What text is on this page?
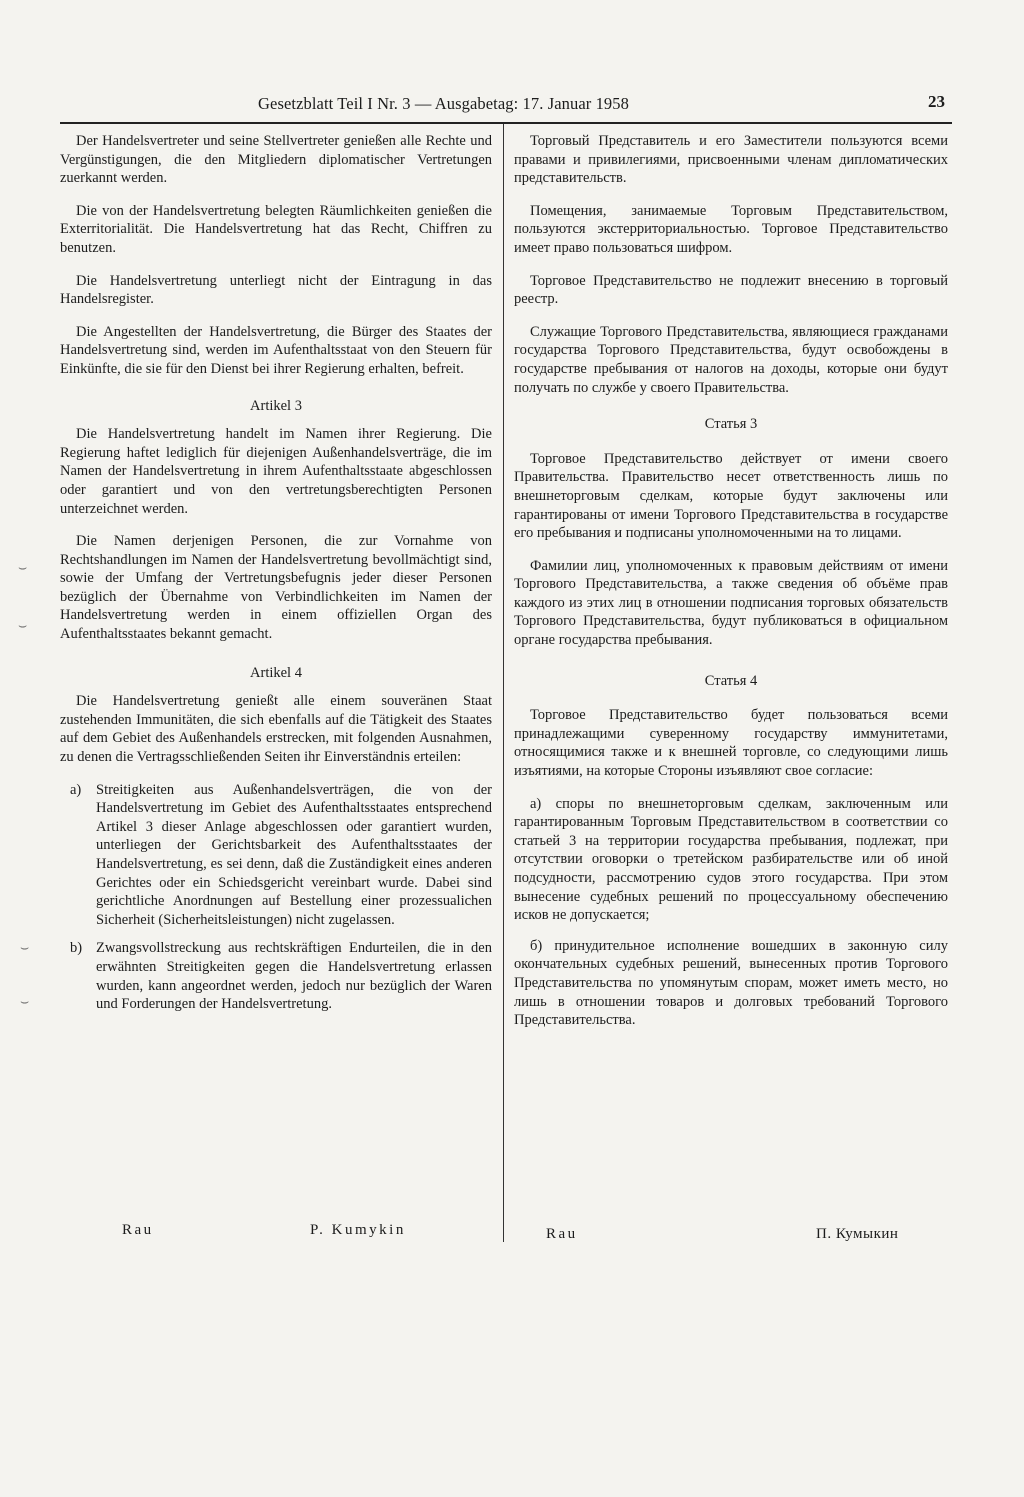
Gesetzblatt Teil I Nr. 3 — Ausgabetag: 17. Januar 1958	23
⌣
⌣
⌣
⌣

Der Handelsvertreter und seine Stellvertreter genießen alle Rechte und Vergünstigungen, die den Mitgliedern diplomatischer Vertretungen zuerkannt werden.

Die von der Handelsvertretung belegten Räumlichkeiten genießen die Exterritorialität. Die Handelsvertretung hat das Recht, Chiffren zu benutzen.

Die Handelsvertretung unterliegt nicht der Eintragung in das Handelsregister.

Die Angestellten der Handelsvertretung, die Bürger des Staates der Handelsvertretung sind, werden im Aufenthaltsstaat von den Steuern für Einkünfte, die sie für den Dienst bei ihrer Regierung erhalten, befreit.

Artikel 3

Die Handelsvertretung handelt im Namen ihrer Regierung. Die Regierung haftet lediglich für diejenigen Außenhandelsverträge, die im Namen der Handelsvertretung in ihrem Aufenthaltsstaate abgeschlossen oder garantiert und von den vertretungsberechtigten Personen unterzeichnet werden.

Die Namen derjenigen Personen, die zur Vornahme von Rechtshandlungen im Namen der Handelsvertretung bevollmächtigt sind, sowie der Umfang der Vertretungsbefugnis jeder dieser Personen bezüglich der Übernahme von Verbindlichkeiten im Namen der Handelsvertretung werden in einem offiziellen Organ des Aufenthaltsstaates bekannt gemacht.

Artikel 4

Die Handelsvertretung genießt alle einem souveränen Staat zustehenden Immunitäten, die sich ebenfalls auf die Tätigkeit des Staates auf dem Gebiet des Außenhandels erstrecken, mit folgenden Ausnahmen, zu denen die Vertragsschließenden Seiten ihr Einverständnis erteilen:

a)	Streitigkeiten aus Außenhandelsverträgen, die von der Handelsvertretung im Gebiet des Aufenthaltsstaates entsprechend Artikel 3 dieser Anlage abgeschlossen oder garantiert wurden, unterliegen der Gerichtsbarkeit des Aufenthaltsstaates der Handelsvertretung, es sei denn, daß die Zuständigkeit eines anderen Gerichtes oder ein Schiedsgericht vereinbart wurde. Dabei sind gerichtliche Anordnungen auf Bestellung einer prozessualichen Sicherheit (Sicherheitsleistungen) nicht zugelassen.
b) Zwangsvollstreckung aus rechtskräftigen Endurteilen, die in den erwähnten Streitigkeiten gegen die Handelsvertretung erlassen wurden, kann angeordnet werden, jedoch nur bezüglich der Waren und Forderungen der Handelsvertretung.

Торговый Представитель и его Заместители пользуются всеми правами и привилегиями, присвоенными членам дипломатических представительств.

Помещения, занимаемые Торговым Представительством, пользуются экстерриториальностью. Торговое Представительство имеет право пользоваться шифром.

Торговое Представительство не подлежит внесению в торговый реестр.

Служащие Торгового Представительства, являющиеся гражданами государства Торгового Представительства, будут освобождены в государстве пребывания от налогов на доходы, которые они будут получать по службе у своего Правительства.

Статья 3

Торговое Представительство действует от имени своего Правительства. Правительство несет ответственность лишь по внешнеторговым сделкам, которые будут заключены или гарантированы от имени Торгового Представительства в государстве его пребывания и подписаны уполномоченными на то лицами.

Фамилии лиц, уполномоченных к правовым действиям от имени Торгового Представительства, а также сведения об объёме прав каждого из этих лиц в отношении подписания торговых обязательств Торгового Представительства, будут публиковаться в официальном органе государства пребывания.

Статья 4

Торговое Представительство будет пользоваться всеми принадлежащими суверенному государству иммунитетами, относящимися также и к внешней торговле, со следующими лишь изъятиями, на которые Стороны изъявляют свое согласие:

а) споры по внешнеторговым сделкам, заключенным или гарантированным Торговым Представительством в соответствии со статьей 3 на территории государства пребывания, подлежат, при отсутствии оговорки о третейском разбирательстве или об иной подсудности, рассмотрению судов этого государства. При этом вынесение судебных решений по процессуальному обеспечению исков не допускается;

б) принудительное исполнение вошедших в законную силу окончательных судебных решений, вынесенных против Торгового Представительства по упомянутым спорам, может иметь место, но лишь в отношении товаров и долговых требований Торгового Представительства.

Rau	P. Kumykin	Rau	П. Кумыкин
